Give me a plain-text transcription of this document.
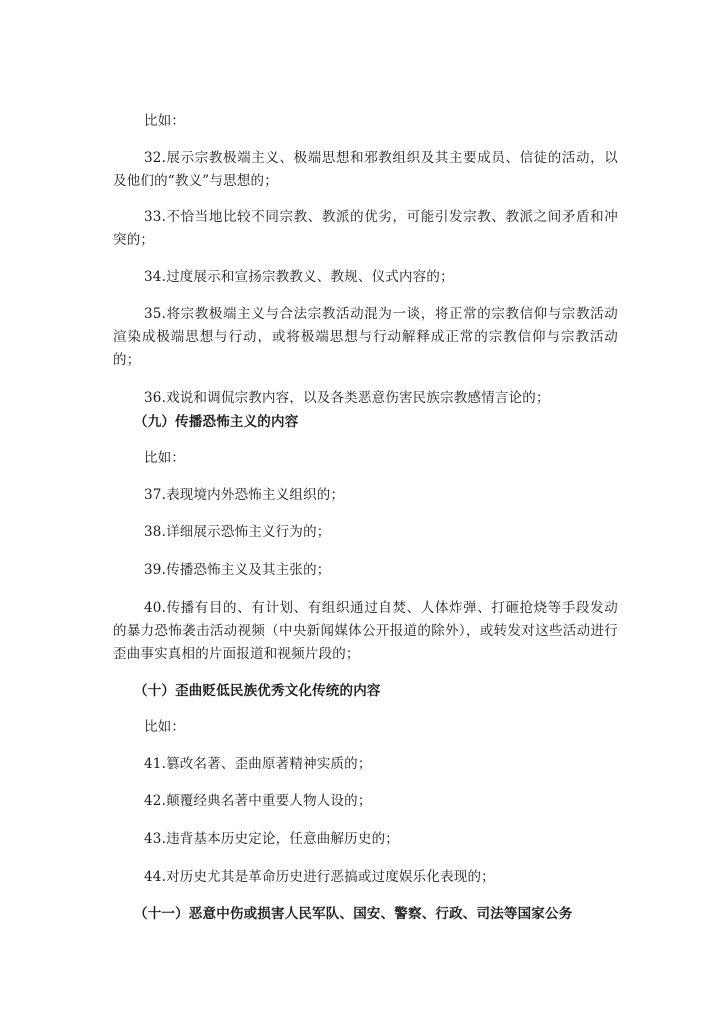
比如：

32.展示宗教极端主义、极端思想和邪教组织及其主要成员、信徒的活动，以及他们的“教义”与思想的；

33.不恰当地比较不同宗教、教派的优劣，可能引发宗教、教派之间矛盾和冲突的；

34.过度展示和宣扬宗教教义、教规、仪式内容的；

35.将宗教极端主义与合法宗教活动混为一谈，将正常的宗教信仰与宗教活动渲染成极端思想与行动，或将极端思想与行动解释成正常的宗教信仰与宗教活动的；

36.戏说和调侃宗教内容，以及各类恶意伤害民族宗教感情言论的；

（九）传播恐怖主义的内容

比如：

37.表现境内外恐怖主义组织的；

38.详细展示恐怖主义行为的；

39.传播恐怖主义及其主张的；

40.传播有目的、有计划、有组织通过自焚、人体炸弹、打砸抢烧等手段发动的暴力恐怖袭击活动视频（中央新闻媒体公开报道的除外），或转发对这些活动进行歪曲事实真相的片面报道和视频片段的；

（十）歪曲贬低民族优秀文化传统的内容

比如：

41.篡改名著、歪曲原著精神实质的；

42.颠覆经典名著中重要人物人设的；

43.违背基本历史定论，任意曲解历史的；

44.对历史尤其是革命历史进行恶搞或过度娱乐化表现的；

（十一）恶意中伤或损害人民军队、国安、警察、行政、司法等国家公务
